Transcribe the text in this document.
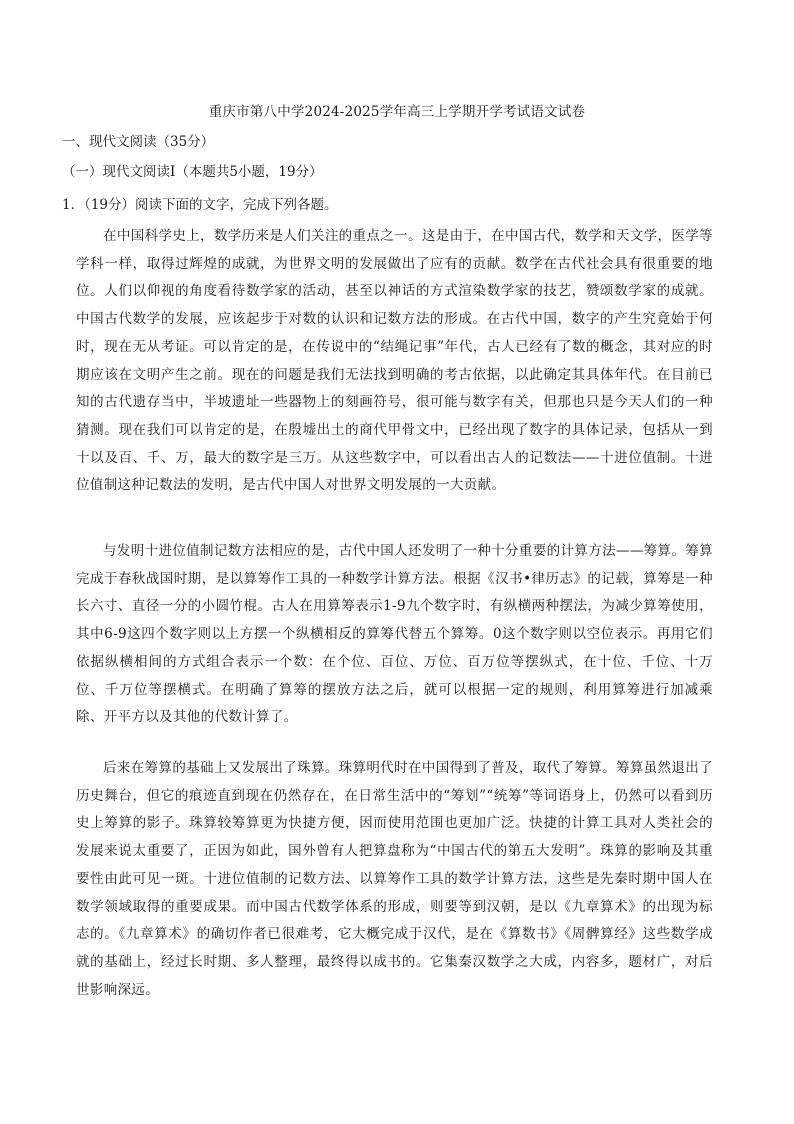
重庆市第八中学2024-2025学年高三上学期开学考试语文试卷
一、现代文阅读（35分）
（一）现代文阅读Ⅰ（本题共5小题，19分）
1．（19分）阅读下面的文字，完成下列各题。

在中国科学史上，数学历来是人们关注的重点之一。这是由于，在中国古代，数学和天文学，医学等学科一样，取得过辉煌的成就，为世界文明的发展做出了应有的贡献。数学在古代社会具有很重要的地位。人们以仰视的角度看待数学家的活动，甚至以神话的方式渲染数学家的技艺，赞颂数学家的成就。中国古代数学的发展，应该起步于对数的认识和记数方法的形成。在古代中国，数字的产生究竟始于何时，现在无从考证。可以肯定的是，在传说中的“结绳记事”年代，古人已经有了数的概念，其对应的时期应该在文明产生之前。现在的问题是我们无法找到明确的考古依据，以此确定其具体年代。在目前已知的古代遗存当中，半坡遗址一些器物上的刻画符号，很可能与数字有关，但那也只是今天人们的一种猜测。现在我们可以肯定的是，在殷墟出土的商代甲骨文中，已经出现了数字的具体记录，包括从一到十以及百、千、万，最大的数字是三万。从这些数字中，可以看出古人的记数法——十进位值制。十进位值制这种记数法的发明，是古代中国人对世界文明发展的一大贡献。

与发明十进位值制记数方法相应的是，古代中国人还发明了一种十分重要的计算方法——筹算。筹算完成于春秋战国时期，是以算筹作工具的一种数学计算方法。根据《汉书•律历志》的记载，算筹是一种长六寸、直径一分的小圆竹棍。古人在用算筹表示1-9九个数字时，有纵横两种摆法，为减少算筹使用，其中6-9这四个数字则以上方摆一个纵横相反的算筹代替五个算筹。0这个数字则以空位表示。再用它们依据纵横相间的方式组合表示一个数：在个位、百位、万位、百万位等摆纵式，在十位、千位、十万位、千万位等摆横式。在明确了算筹的摆放方法之后，就可以根据一定的规则，利用算筹进行加减乘除、开平方以及其他的代数计算了。

后来在筹算的基础上又发展出了珠算。珠算明代时在中国得到了普及，取代了筹算。筹算虽然退出了历史舞台，但它的痕迹直到现在仍然存在，在日常生活中的“筹划”“统筹”等词语身上，仍然可以看到历史上筹算的影子。珠算较筹算更为快捷方便，因而使用范围也更加广泛。快捷的计算工具对人类社会的发展来说太重要了，正因为如此，国外曾有人把算盘称为“中国古代的第五大发明”。珠算的影响及其重要性由此可见一斑。十进位值制的记数方法、以算筹作工具的数学计算方法，这些是先秦时期中国人在数学领域取得的重要成果。而中国古代数学体系的形成，则要等到汉朝，是以《九章算术》的出现为标志的。《九章算术》的确切作者已很难考，它大概完成于汉代，是在《算数书》《周髀算经》这些数学成就的基础上，经过长时期、多人整理，最终得以成书的。它集秦汉数学之大成，内容多，题材广，对后世影响深远。
